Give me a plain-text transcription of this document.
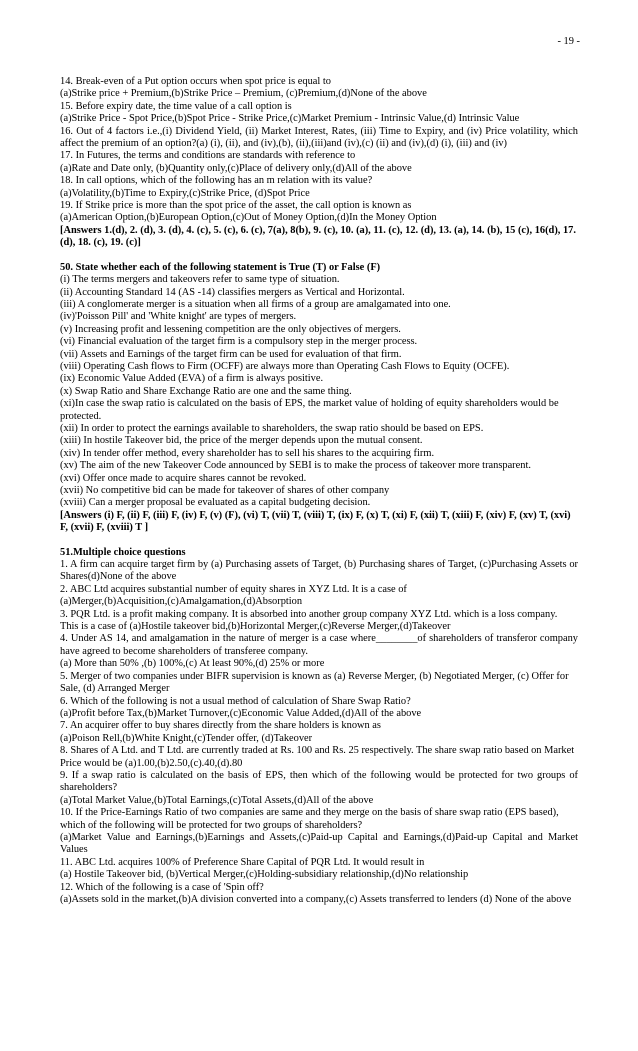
- 19 -

14. Break-even of a Put option occurs when spot price is equal to

(a)Strike price + Premium,(b)Strike Price – Premium, (c)Premium,(d)None of the above

15. Before expiry date, the time value of a call option is

(a)Strike Price - Spot Price,(b)Spot Price - Strike Price,(c)Market Premium - Intrinsic Value,(d) Intrinsic Value

16. Out of 4 factors i.e.,(i) Dividend Yield, (ii) Market Interest, Rates, (iii) Time to Expiry, and (iv) Price volatility, which affect the premium of an option?(a) (i), (ii), and (iv),(b), (ii),(iii)and (iv),(c) (ii) and (iv),(d) (i), (iii) and (iv)

17. In Futures, the terms and conditions are standards with reference to

(a)Rate and Date only, (b)Quantity only,(c)Place of delivery only,(d)All of the above

18. In call options, which of the following has an m relation with its value?

(a)Volatility,(b)Time to Expiry,(c)Strike Price, (d)Spot Price

19. If Strike price is more than the spot price of the asset, the call option is known as

(a)American Option,(b)European Option,(c)Out of Money Option,(d)In the Money Option

[Answers 1.(d), 2. (d), 3. (d), 4. (c), 5. (c), 6. (c), 7(a), 8(b), 9. (c), 10. (a), 11. (c), 12. (d), 13. (a), 14. (b), 15 (c), 16(d), 17. (d), 18. (c), 19. (c)]

50. State whether each of the following statement is True (T) or False (F)

(i) The terms mergers and takeovers refer to same type of situation.

(ii) Accounting Standard 14 (AS -14) classifies mergers as Vertical and Horizontal.

(iii) A conglomerate merger is a situation when all firms of a group are amalgamated into one.

(iv)'Poisson Pill' and 'White knight' are types of mergers.

(v) Increasing profit and lessening competition are the only objectives of mergers.

(vi) Financial evaluation of the target firm is a compulsory step in the merger process.

(vii) Assets and Earnings of the target firm can be used for evaluation of that firm.

(viii) Operating Cash flows to Firm (OCFF) are always more than Operating Cash Flows to Equity (OCFE).

(ix) Economic Value Added (EVA) of a firm is always positive.

(x) Swap Ratio and Share Exchange Ratio are one and the same thing.

(xi)In case the swap ratio is calculated on the basis of EPS, the market value of holding of equity shareholders would be protected.

(xii) In order to protect the earnings available to shareholders, the swap ratio should be based on EPS.

(xiii) In hostile Takeover bid, the price of the merger depends upon the mutual consent.

(xiv) In tender offer method, every shareholder has to sell his shares to the acquiring firm.

(xv) The aim of the new Takeover Code announced by SEBI is to make the process of takeover more transparent.

(xvi) Offer once made to acquire shares cannot be revoked.

(xvii) No competitive bid can be made for takeover of shares of other company

(xviii) Can a merger proposal be evaluated as a capital budgeting decision.

[Answers (i) F, (ii) F, (iii) F, (iv) F, (v) (F), (vi) T, (vii) T, (viii) T, (ix) F, (x) T, (xi) F, (xii) T, (xiii) F, (xiv) F, (xv) T, (xvi) F, (xvii) F, (xviii) T ]

51.Multiple choice questions

1. A firm can acquire target firm by (a) Purchasing assets of Target, (b) Purchasing shares of Target, (c)Purchasing Assets or Shares(d)None of the above

2. ABC Ltd acquires substantial number of equity shares in XYZ Ltd. It is a case of

(a)Merger,(b)Acquisition,(c)Amalgamation,(d)Absorption

3. PQR Ltd. is a profit making company. It is absorbed into another group company XYZ Ltd. which is a loss company. This is a case of (a)Hostile takeover bid,(b)Horizontal Merger,(c)Reverse Merger,(d)Takeover

4. Under AS 14, and amalgamation in the nature of merger is a case where________of shareholders of transferor company have agreed to become shareholders of transferee company.

(a) More than 50% ,(b) 100%,(c) At least 90%,(d) 25% or more

5. Merger of two companies under BIFR supervision is known as (a) Reverse Merger, (b) Negotiated Merger, (c) Offer for Sale, (d) Arranged Merger

6. Which of the following is not a usual method of calculation of Share Swap Ratio?

(a)Profit before Tax,(b)Market Turnover,(c)Economic Value Added,(d)All of the above

7. An acquirer offer to buy shares directly from the share holders is known as

(a)Poison Rell,(b)White Knight,(c)Tender offer, (d)Takeover

8. Shares of A Ltd. and T Ltd. are currently traded at Rs. 100 and Rs. 25 respectively. The share swap ratio based on Market Price would be (a)1.00,(b)2.50,(c).40,(d).80

9. If a swap ratio is calculated on the basis of EPS, then which of the following would be protected for two groups of shareholders?

(a)Total Market Value,(b)Total Earnings,(c)Total Assets,(d)All of the above

10. If the Price-Earnings Ratio of two companies are same and they merge on the basis of share swap ratio (EPS based), which of the following will be protected for two groups of shareholders?

(a)Market Value and Earnings,(b)Earnings and Assets,(c)Paid-up Capital and Earnings,(d)Paid-up Capital and Market Values

11. ABC Ltd. acquires 100% of Preference Share Capital of PQR Ltd. It would result in

(a) Hostile Takeover bid, (b)Vertical Merger,(c)Holding-subsidiary relationship,(d)No relationship

12. Which of the following is a case of 'Spin off?

(a)Assets sold in the market,(b)A division converted into a company,(c) Assets transferred to lenders (d) None of the above
